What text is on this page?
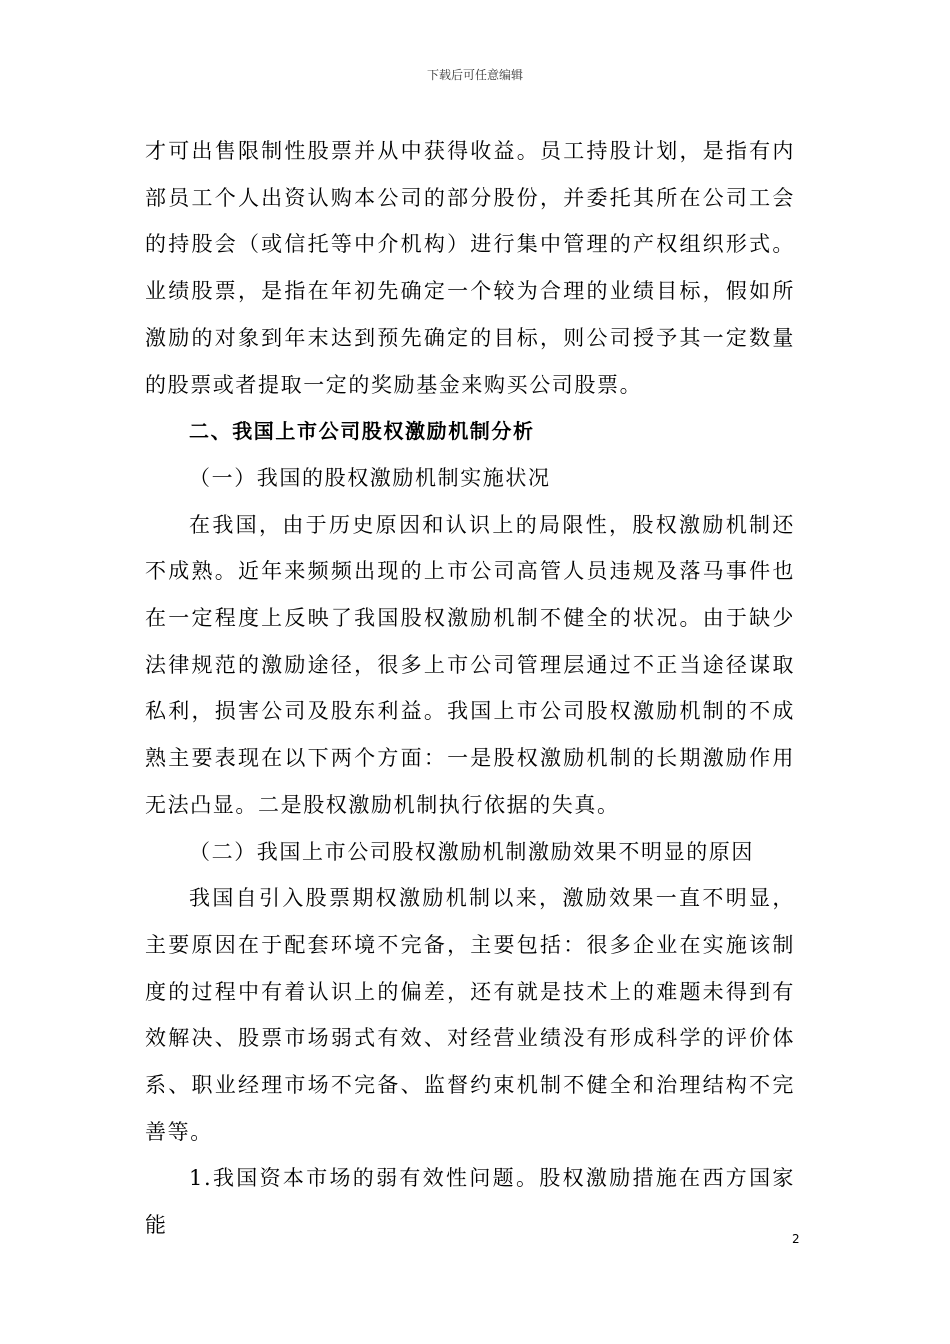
下载后可任意编辑

才可出售限制性股票并从中获得收益。员工持股计划，是指有内部员工个人出资认购本公司的部分股份，并委托其所在公司工会的持股会（或信托等中介机构）进行集中管理的产权组织形式。业绩股票，是指在年初先确定一个较为合理的业绩目标，假如所激励的对象到年末达到预先确定的目标，则公司授予其一定数量的股票或者提取一定的奖励基金来购买公司股票。

二、我国上市公司股权激励机制分析

（一）我国的股权激励机制实施状况

在我国，由于历史原因和认识上的局限性，股权激励机制还不成熟。近年来频频出现的上市公司高管人员违规及落马事件也在一定程度上反映了我国股权激励机制不健全的状况。由于缺少法律规范的激励途径，很多上市公司管理层通过不正当途径谋取私利，损害公司及股东利益。我国上市公司股权激励机制的不成熟主要表现在以下两个方面：一是股权激励机制的长期激励作用无法凸显。二是股权激励机制执行依据的失真。

（二）我国上市公司股权激励机制激励效果不明显的原因

我国自引入股票期权激励机制以来，激励效果一直不明显，主要原因在于配套环境不完备，主要包括：很多企业在实施该制度的过程中有着认识上的偏差，还有就是技术上的难题未得到有效解决、股票市场弱式有效、对经营业绩没有形成科学的评价体系、职业经理市场不完备、监督约束机制不健全和治理结构不完善等。

1.我国资本市场的弱有效性问题。股权激励措施在西方国家能

2
